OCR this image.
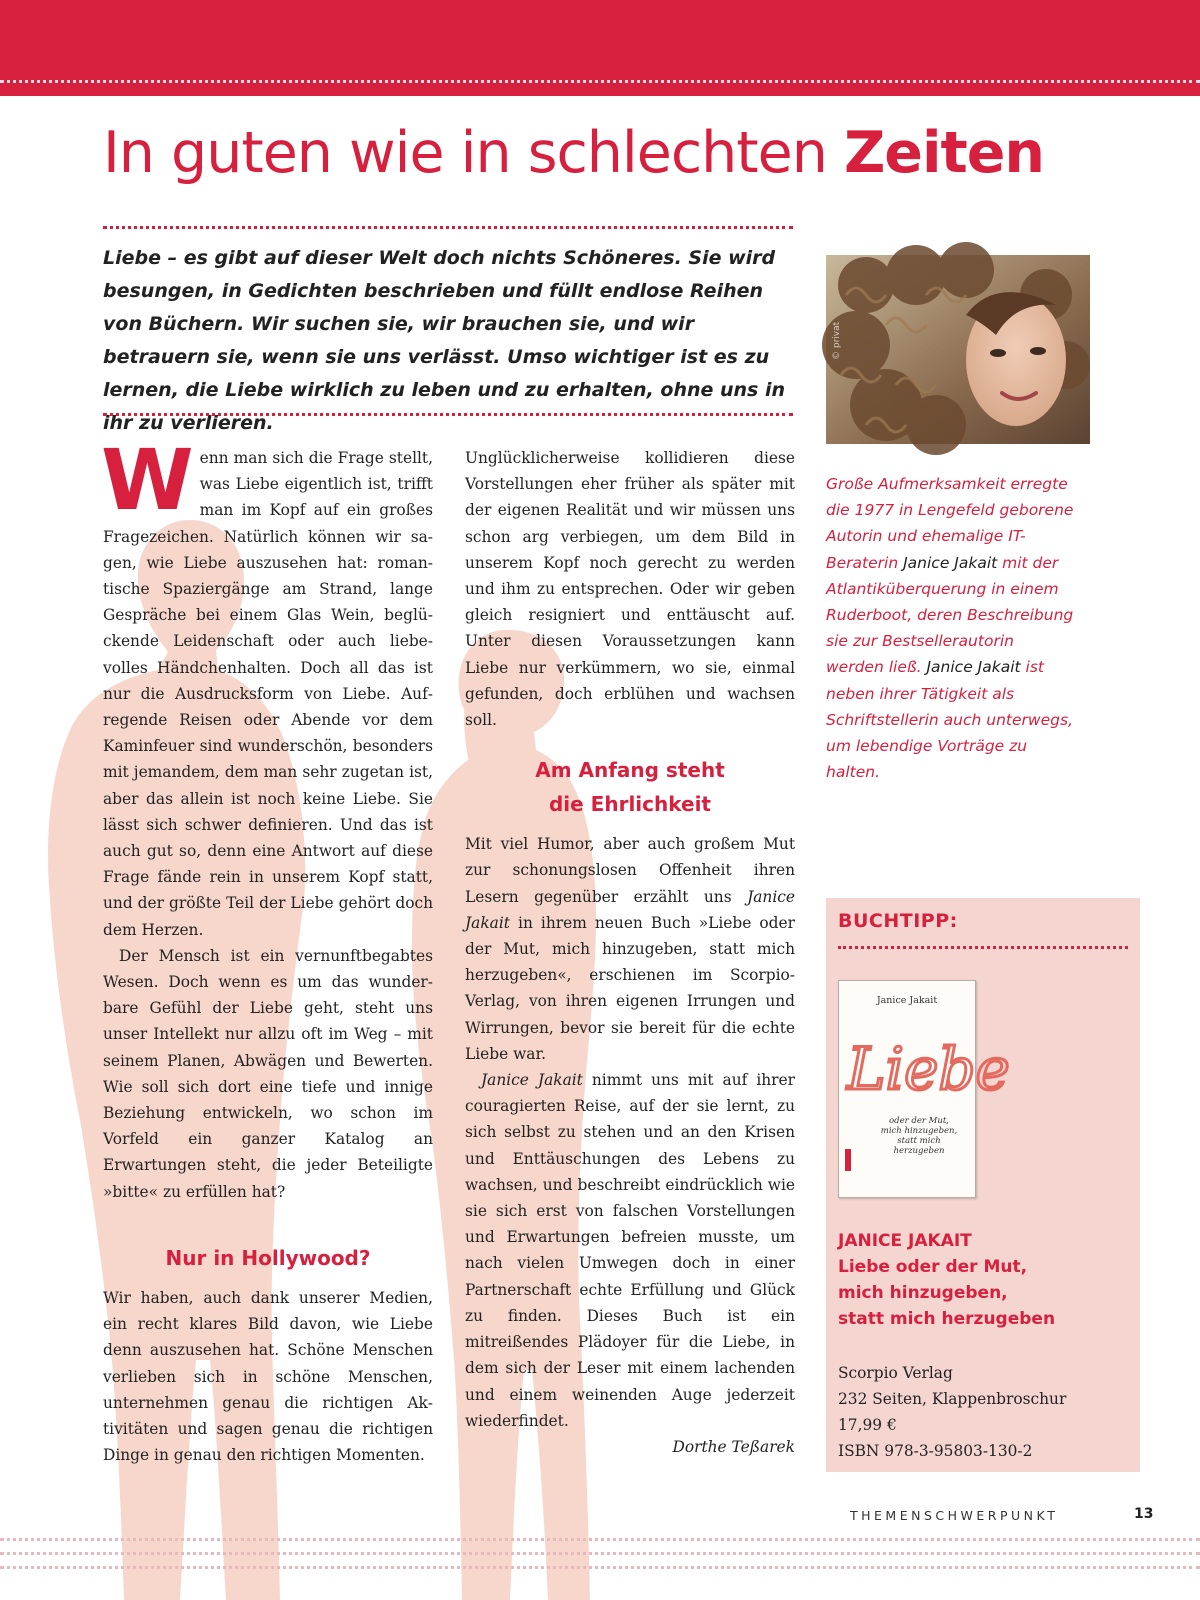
In guten wie in schlechten Zeiten

Liebe – es gibt auf dieser Welt doch nichts Schöneres. Sie wird besungen, in Gedichten beschrieben und füllt endlose Reihen von Büchern. Wir suchen sie, wir brauchen sie, und wir betrauern sie, wenn sie uns verlässt. Umso wichtiger ist es zu lernen, die Liebe wirklich zu leben und zu erhalten, ohne uns in ihr zu verlieren.

© privat

Große Aufmerksamkeit erregte die 1977 in Lengefeld geborene Autorin und ehemalige IT-Beraterin Janice Jakait mit der Atlantiküberquerung in einem Ruderboot, deren Beschreibung sie zur Bestsellerautorin werden ließ. Janice Jakait ist neben ihrer Tätigkeit als Schriftstellerin auch unterwegs, um lebendige Vorträge zu halten.

Wenn man sich die Frage stellt, was Liebe eigentlich ist, trifft man im Kopf auf ein großes Fragezeichen. Natürlich können wir sagen, wie Liebe auszusehen hat: romantische Spaziergänge am Strand, lange Gespräche bei einem Glas Wein, beglückende Leidenschaft oder auch liebevolles Händchenhalten. Doch all das ist nur die Ausdrucksform von Liebe. Aufregende Reisen oder Abende vor dem Kaminfeuer sind wunderschön, besonders mit jemandem, dem man sehr zugetan ist, aber das allein ist noch keine Liebe. Sie lässt sich schwer definieren. Und das ist auch gut so, denn eine Antwort auf diese Frage fände rein in unserem Kopf statt, und der größte Teil der Liebe gehört doch dem Herzen.

Der Mensch ist ein vernunftbegabtes Wesen. Doch wenn es um das wunderbare Gefühl der Liebe geht, steht uns unser Intellekt nur allzu oft im Weg – mit seinem Planen, Abwägen und Bewerten. Wie soll sich dort eine tiefe und innige Beziehung entwickeln, wo schon im Vorfeld ein ganzer Katalog an Erwartungen steht, die jeder Beteiligte »bitte« zu erfüllen hat?

Nur in Hollywood?

Wir haben, auch dank unserer Medien, ein recht klares Bild davon, wie Liebe denn auszusehen hat. Schöne Menschen verlieben sich in schöne Menschen, unternehmen genau die richtigen Aktivitäten und sagen genau die richtigen Dinge in genau den richtigen Momenten.

Unglücklicherweise kollidieren diese Vorstellungen eher früher als später mit der eigenen Realität und wir müssen uns schon arg verbiegen, um dem Bild in unserem Kopf noch gerecht zu werden und ihm zu entsprechen. Oder wir geben gleich resigniert und enttäuscht auf. Unter diesen Voraussetzungen kann Liebe nur verkümmern, wo sie, einmal gefunden, doch erblühen und wachsen soll.

Am Anfang steht die Ehrlichkeit

Mit viel Humor, aber auch großem Mut zur schonungslosen Offenheit ihren Lesern gegenüber erzählt uns Janice Jakait in ihrem neuen Buch »Liebe oder der Mut, mich hinzugeben, statt mich herzugeben«, erschienen im Scorpio-Verlag, von ihren eigenen Irrungen und Wirrungen, bevor sie bereit für die echte Liebe war.

Janice Jakait nimmt uns mit auf ihrer couragierten Reise, auf der sie lernt, zu sich selbst zu stehen und an den Krisen und Enttäuschungen des Lebens zu wachsen, und beschreibt eindrücklich wie sie sich erst von falschen Vorstellungen und Erwartungen befreien musste, um nach vielen Umwegen doch in einer Partnerschaft echte Erfüllung und Glück zu finden. Dieses Buch ist ein mitreißendes Plädoyer für die Liebe, in dem sich der Leser mit einem lachenden und einem weinenden Auge jederzeit wiederfindet.

Dorthe Teßarek

BUCHTIPP:
Janice Jakait
Liebe
oder der Mut,
mich hinzugeben,
statt mich
herzugeben
JANICE JAKAIT
Liebe oder der Mut,
mich hinzugeben,
statt mich herzugeben
Scorpio Verlag
232 Seiten, Klappenbroschur
17,99 €
ISBN 978-3-95803-130-2
THEMENSCHWERPUNKT	13
